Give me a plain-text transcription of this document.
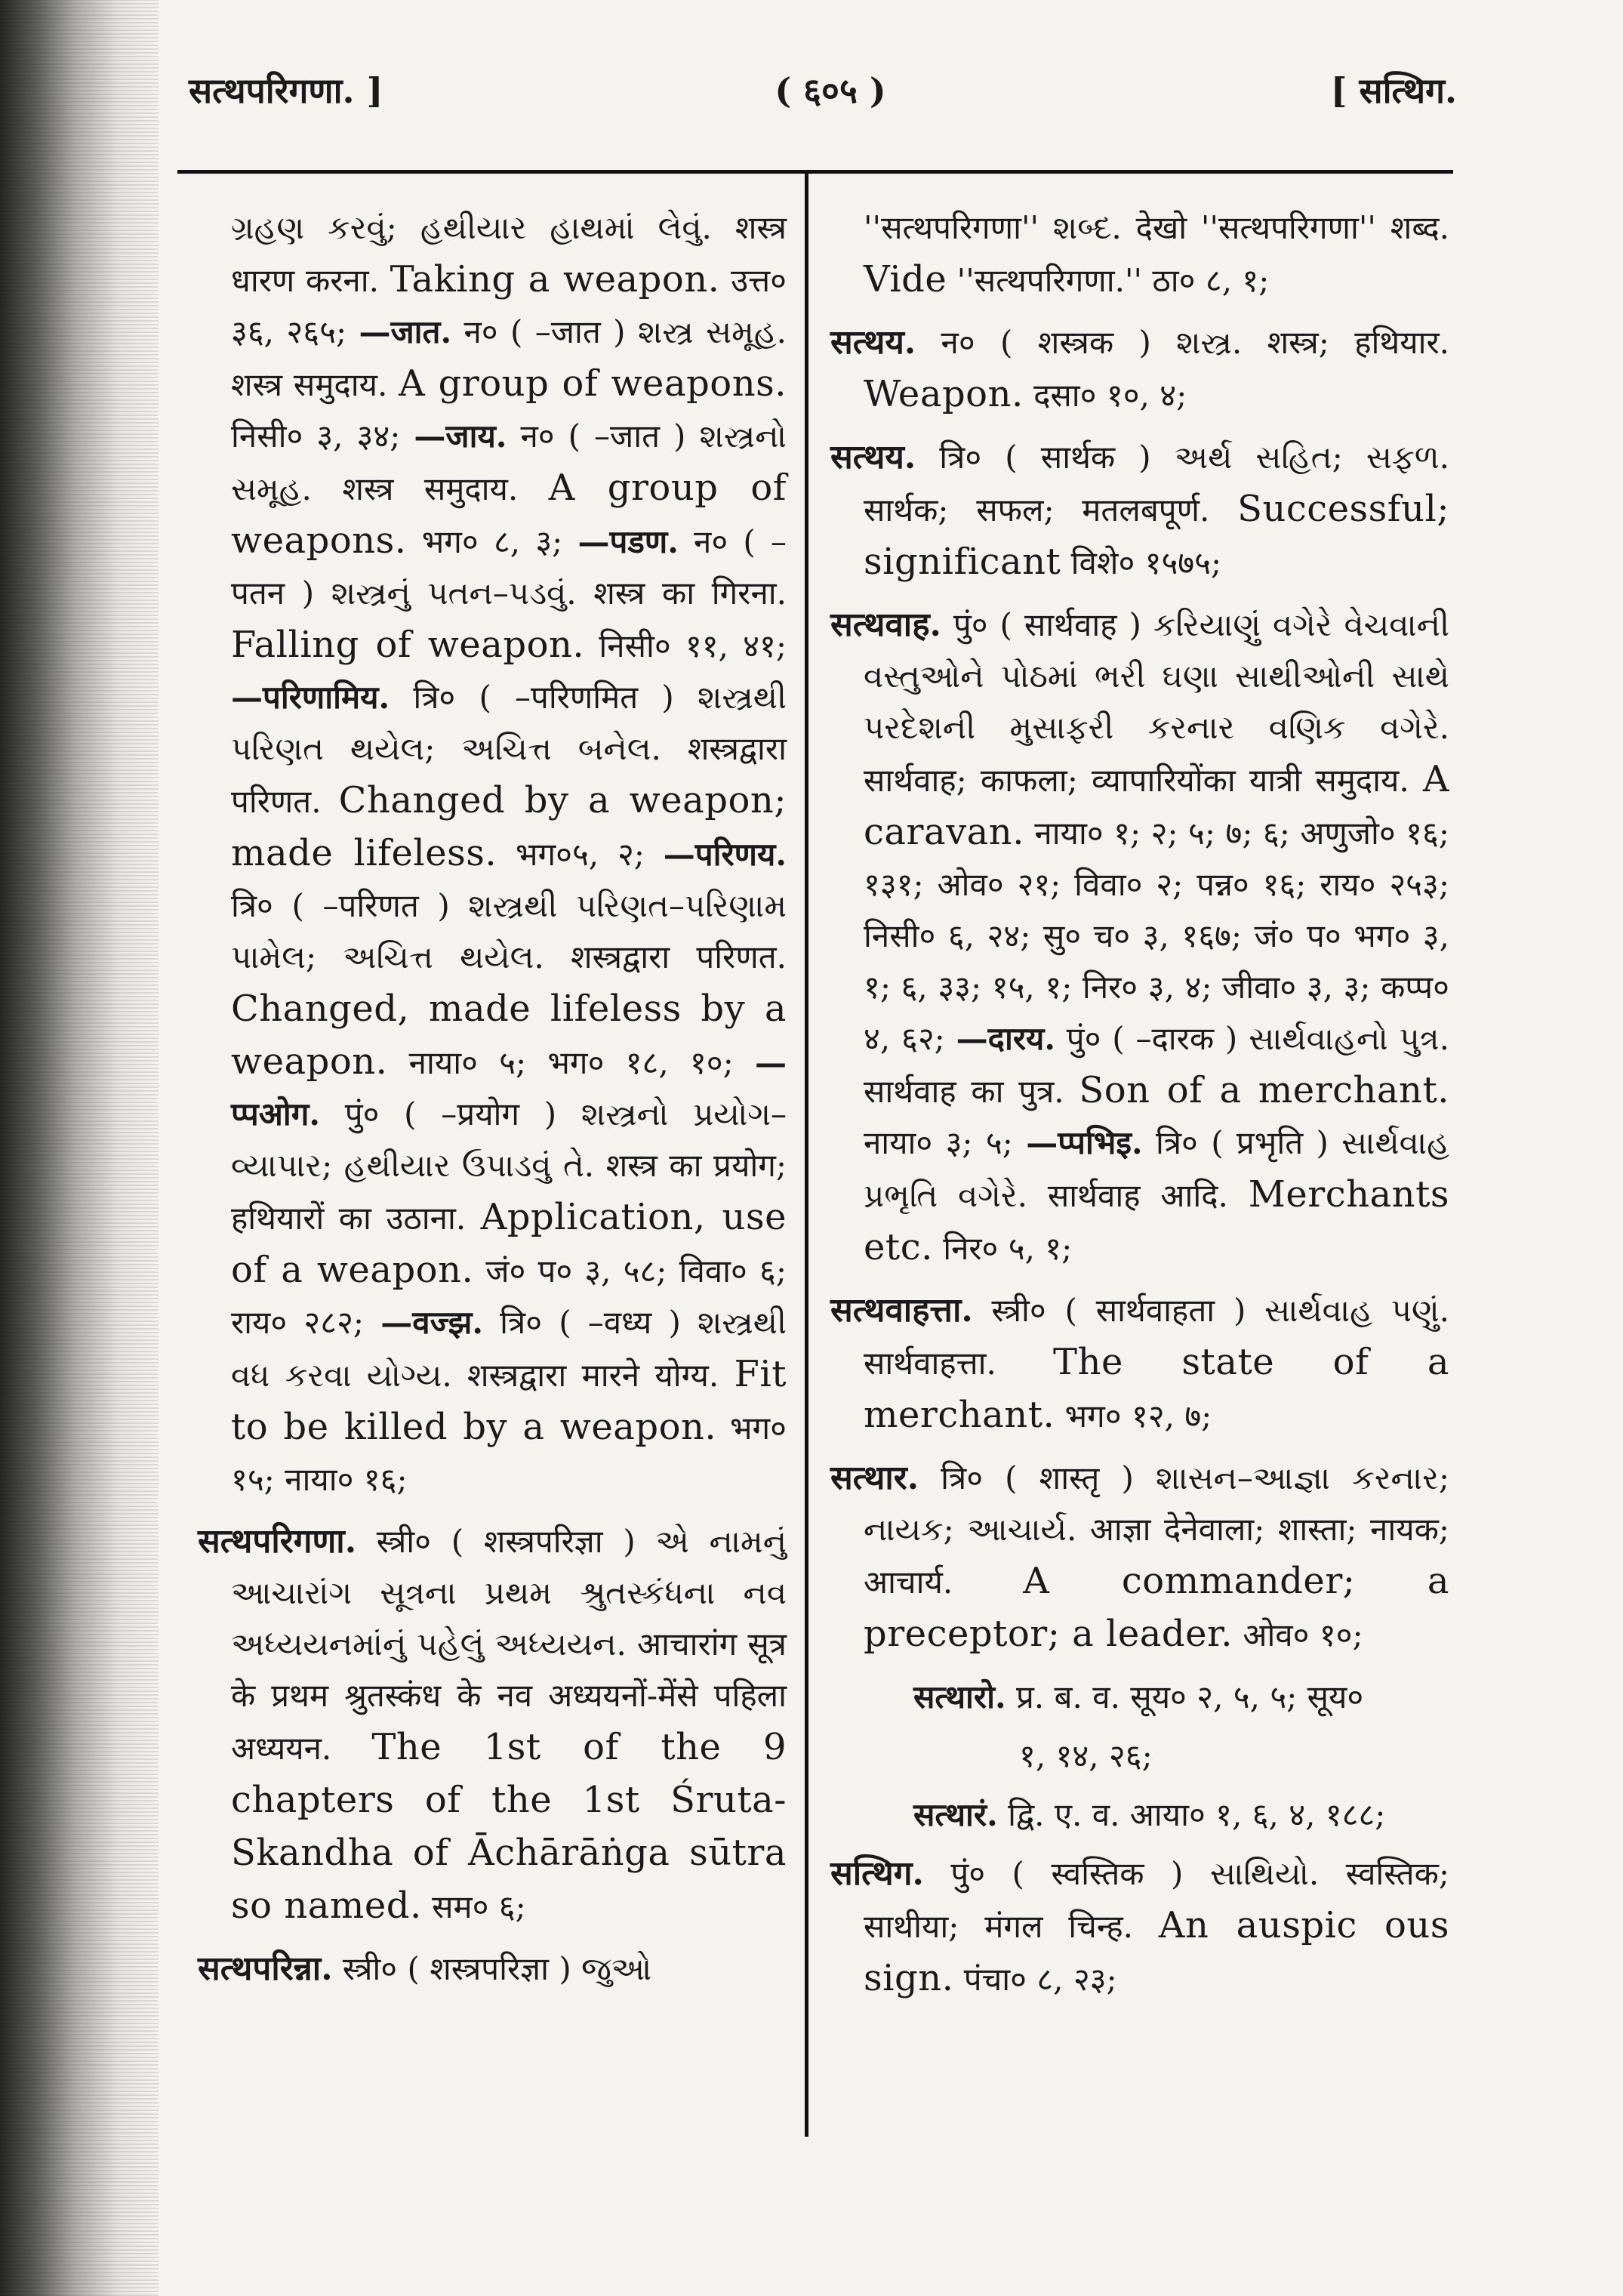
सत्थपरिगणा. ]	( ६०५ )	[ सत्थिग.

ગ્રહણ કરવું; હથીયાર હાથમાં લેવું. शस्त्र धारण करना. Taking a weapon. उत्त० ३६, २६५; —जात. न० ( –जात ) શસ્ત્ર સમૂહ. शस्त्र समुदाय. A group of weapons. निसी० ३, ३४; —जाय. न० ( –जात ) શસ્ત્રનો સમૂહ. शस्त्र समुदाय. A group of weapons. भग० ८, ३; —पडण. न० ( –पतन ) શસ્ત્રનું પતન–પડવું. शस्त्र का गिरना. Falling of weapon. निसी० ११, ४१; —परिणामिय. त्रि० ( –परिणमित ) શસ્ત્રથી પરિણત થયેલ; અચિત્ત બનેલ. शस्त्रद्वारा परिणत. Changed by a weapon; made lifeless. भग०५, २; —परिणय. त्रि० ( –परिणत ) શસ્ત્રથી પરિણત–પરિણામ પામેલ; અચિત્ત થયેલ. शस्त्रद्वारा परिणत. Changed, made lifeless by a weapon. नाया० ५; भग० १८, १०; —प्पओग. पुं० ( –प्रयोग ) શસ્ત્રનો પ્રયોગ–વ્યાપાર; હથીયાર ઉપાડવું તે. शस्त्र का प्रयोग; हथियारों का उठाना. Application, use of a weapon. जं० प० ३, ५८; विवा० ६; राय० २८२; —वज्झ. त्रि० ( –वध्य ) શસ્ત્રથી વધ કરવા યોગ્ય. शस्त्रद्वारा मारने योग्य. Fit to be killed by a weapon. भग० १५; नाया० १६;

सत्थपरिगणा. स्त्री० ( शस्त्रपरिज्ञा ) એ નામનું આચારાંગ સૂત્રના પ્રથમ શ્રુતસ્કંધના નવ અધ્યયનમાંનું પહેલું અધ્યયન. आचारांग सूत्र के प्रथम श्रुतस्कंध के नव अध्ययनों-मेंसे पहिला अध्ययन. The 1st of the 9 chapters of the 1st Śruta-Skandha of Āchārāṅga sūtra so named. सम० ६;

सत्थपरिन्ना. स्त्री० ( शस्त्रपरिज्ञा ) જુઓ

''सत्थपरिगणा'' શબ્દ. देखो ''सत्थपरिगणा'' शब्द. Vide ''सत्थपरिगणा.'' ठा० ८, १;

सत्थय. न० ( शस्त्रक ) શસ્ત્ર. शस्त्र; हथियार. Weapon. दसा० १०, ४;

सत्थय. त्रि० ( सार्थक ) અર્થ સહિત; સફળ. सार्थक; सफल; मतलबपूर्ण. Successful; significant विशे० १५७५;

सत्थवाह. पुं० ( सार्थवाह ) કરિયાણું વગેરે વેચવાની વસ્તુઓને પોઠમાં ભરી ઘણા સાથીઓની સાથે પરદેશની મુસાફરી કરનાર વણિક વગેરે. सार्थवाह; काफला; व्यापारियोंका यात्री समुदाय. A caravan. नाया० १; २; ५; ७; ६; अणुजो० १६; १३१; ओव० २१; विवा० २; पन्न० १६; राय० २५३; निसी० ६, २४; सु० च० ३, १६७; जं० प० भग० ३, १; ६, ३३; १५, १; निर० ३, ४; जीवा० ३, ३; कप्प० ४, ६२; —दारय. पुं० ( –दारक ) સાર્થવાહનો પુત્ર. सार्थवाह का पुत्र. Son of a merchant. नाया० ३; ५; —प्पभिइ. त्रि० ( प्रभृति ) સાર્થવાહ પ્રભૃતિ વગેરે. सार्थवाह आदि. Merchants etc. निर० ५, १;

सत्थवाहत्ता. स्त्री० ( सार्थवाहता ) સાર્થવાહ પણું. सार्थवाहत्ता. The state of a merchant. भग० १२, ७;

सत्थार. त्रि० ( शास्तृ ) શાસન–આજ્ઞા કરનાર; નાયક; આચાર્ય. आज्ञा देनेवाला; शास्ता; नायक; आचार्य. A commander; a preceptor; a leader. ओव० १०;

सत्थारो. प्र. ब. व. सूय० २, ५, ५; सूय०

१, १४, २६;

सत्थारं. द्वि. ए. व. आया० १, ६, ४, १८८;

सत्थिग. पुं० ( स्वस्तिक ) સાથિયો. स्वस्तिक; साथीया; मंगल चिन्ह. An auspic ous sign. पंचा० ८, २३;
